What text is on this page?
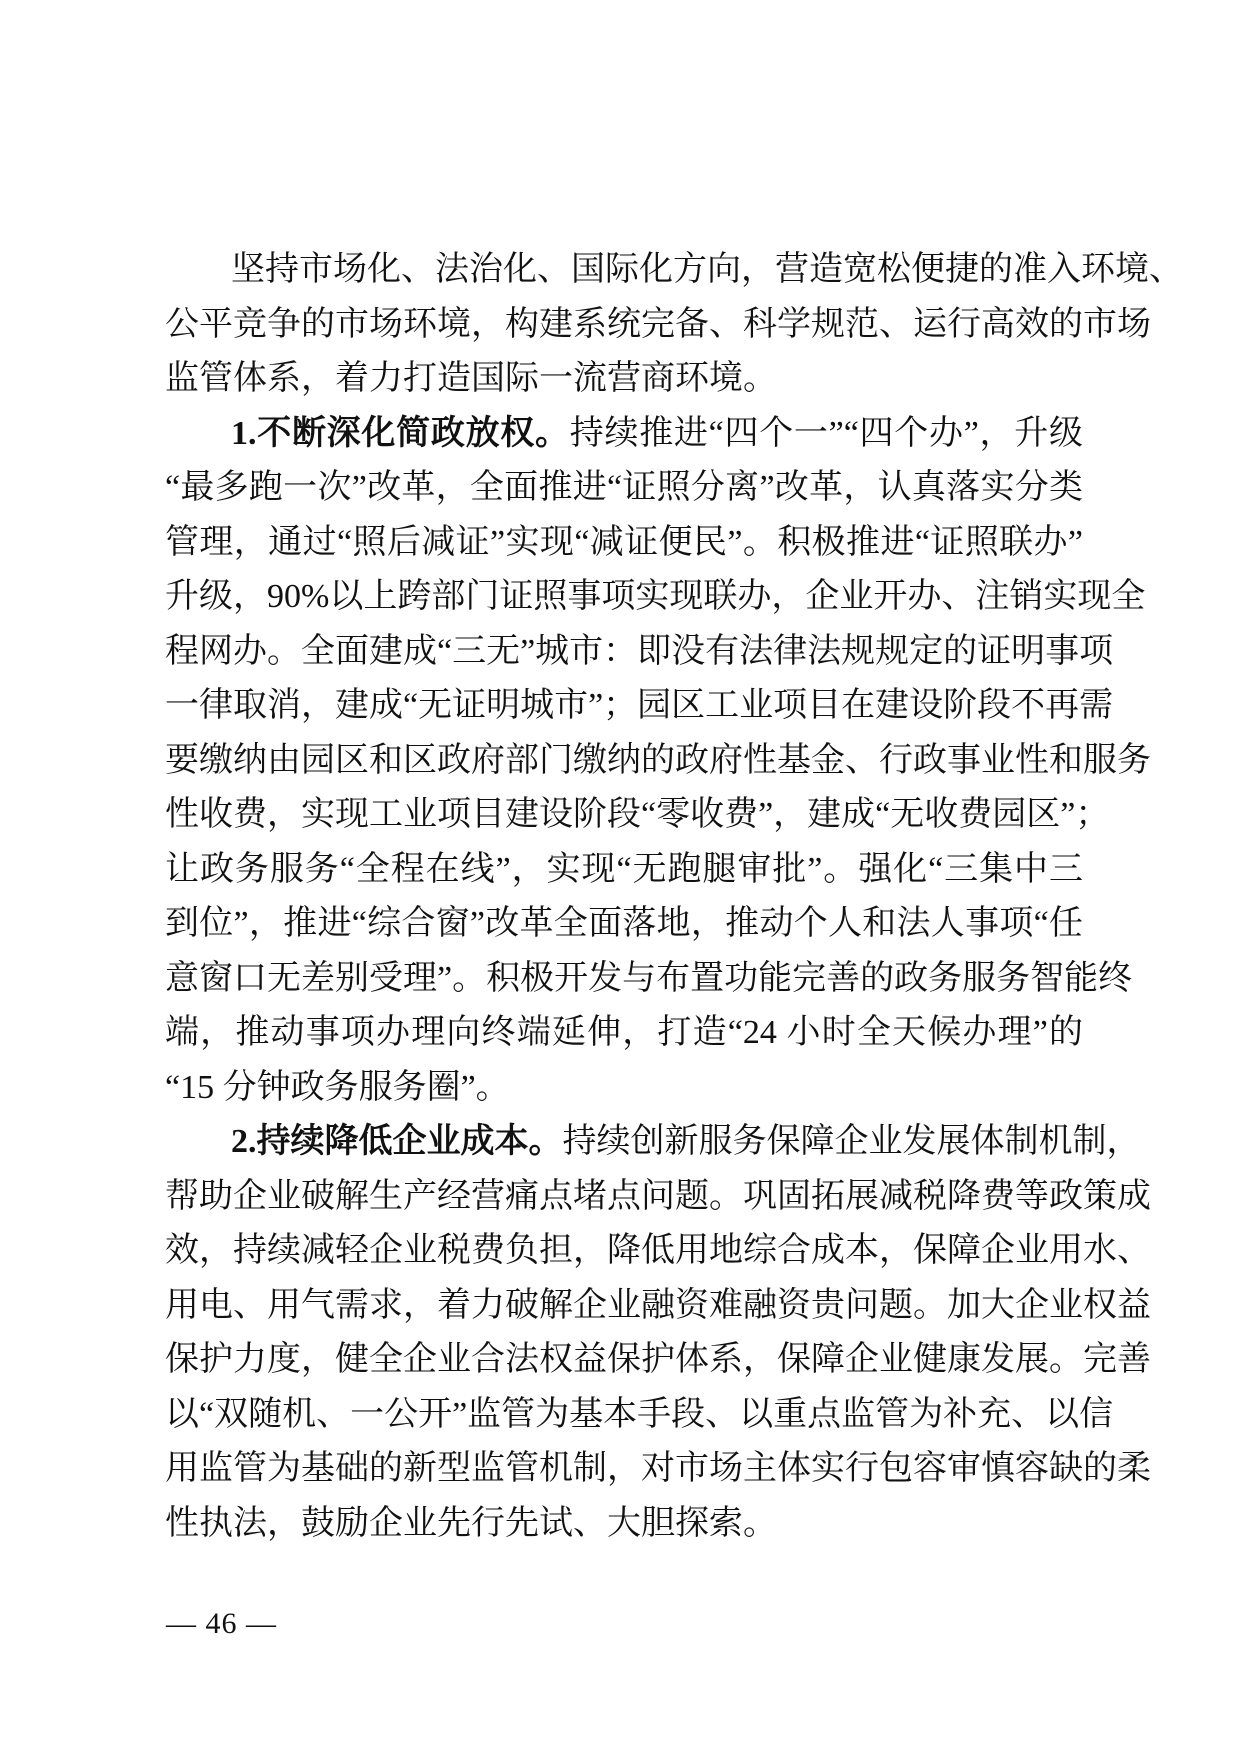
坚持市场化、法治化、国际化方向，营造宽松便捷的准入环境、
公平竞争的市场环境，构建系统完备、科学规范、运行高效的市场
监管体系，着力打造国际一流营商环境。
1.不断深化简政放权。持续推进“四个一”“四个办”，升级
“最多跑一次”改革，全面推进“证照分离”改革，认真落实分类
管理，通过“照后减证”实现“减证便民”。积极推进“证照联办”
升级，90%以上跨部门证照事项实现联办，企业开办、注销实现全
程网办。全面建成“三无”城市：即没有法律法规规定的证明事项
一律取消，建成“无证明城市”；园区工业项目在建设阶段不再需
要缴纳由园区和区政府部门缴纳的政府性基金、行政事业性和服务
性收费，实现工业项目建设阶段“零收费”，建成“无收费园区”；
让政务服务“全程在线”，实现“无跑腿审批”。强化“三集中三
到位”，推进“综合窗”改革全面落地，推动个人和法人事项“任
意窗口无差别受理”。积极开发与布置功能完善的政务服务智能终
端，推动事项办理向终端延伸，打造“24 小时全天候办理”的
“15 分钟政务服务圈”。
2.持续降低企业成本。持续创新服务保障企业发展体制机制，
帮助企业破解生产经营痛点堵点问题。巩固拓展减税降费等政策成
效，持续减轻企业税费负担，降低用地综合成本，保障企业用水、
用电、用气需求，着力破解企业融资难融资贵问题。加大企业权益
保护力度，健全企业合法权益保护体系，保障企业健康发展。完善
以“双随机、一公开”监管为基本手段、以重点监管为补充、以信
用监管为基础的新型监管机制，对市场主体实行包容审慎容缺的柔
性执法，鼓励企业先行先试、大胆探索。
— 46 —
